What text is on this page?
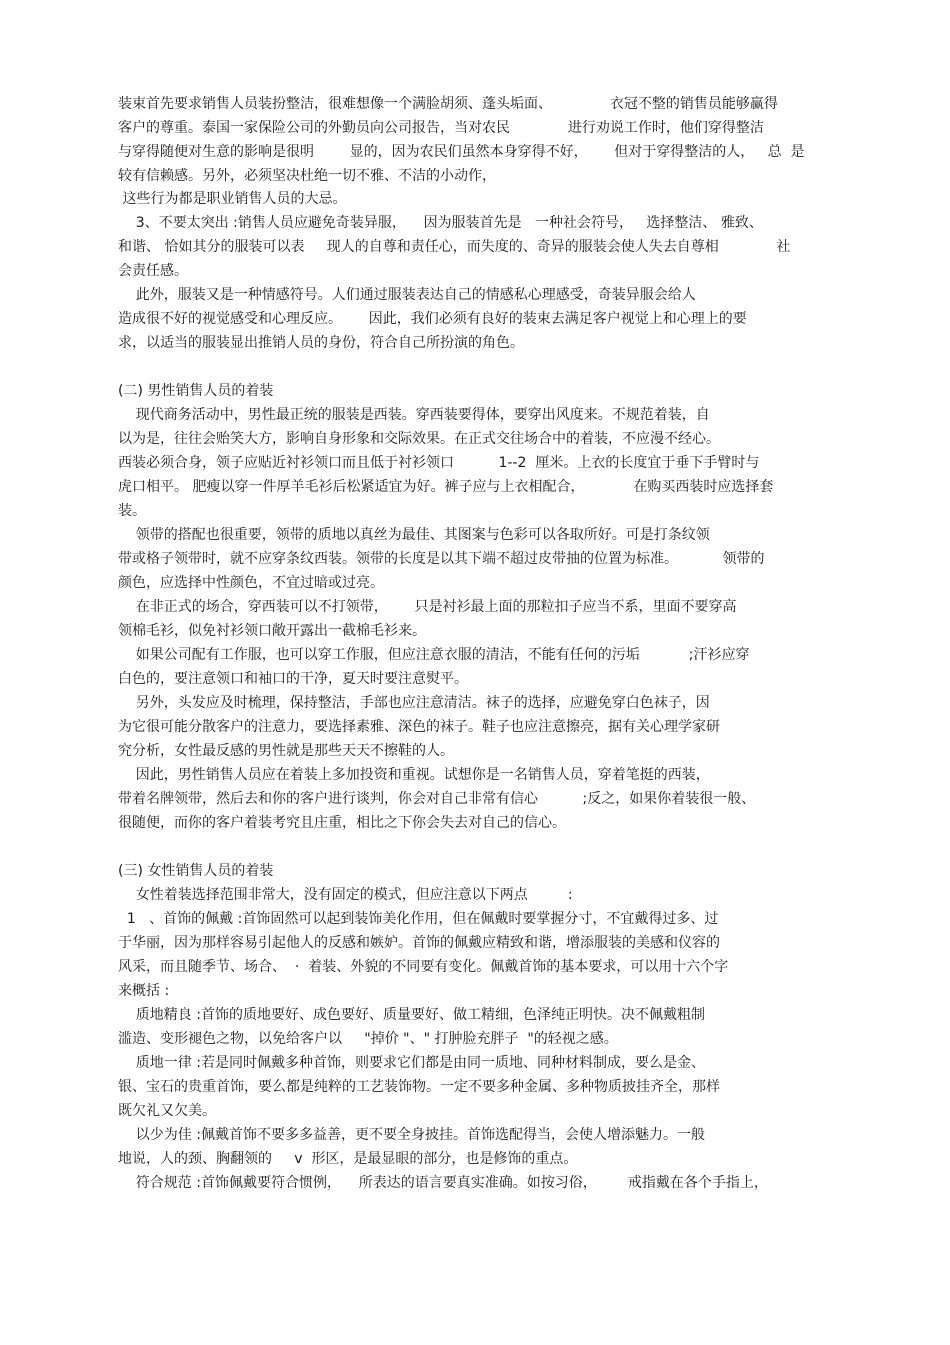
装束首先要求销售人员装扮整洁，很难想像一个满脸胡须、蓬头垢面、             衣冠不整的销售员能够赢得
客户的尊重。泰国一家保险公司的外勤员向公司报告，当对农民             进行劝说工作时，他们穿得整洁
与穿得随便对生意的影响是很明        显的，因为农民们虽然本身穿得不好，      但对于穿得整洁的人，   总  是
较有信赖感。另外，必须坚决杜绝一切不雅、不洁的小动作，
这些行为都是职业销售人员的大忌。
3、不要太突出 :销售人员应避免奇装异服，    因为服装首先是   一种社会符号，   选择整洁、 雅致、
和谐、 恰如其分的服装可以表     现人的自尊和责任心，而失度的、奇异的服装会使人失去自尊相             社
会责任感。
此外，服装又是一种情感符号。人们通过服装表达自己的情感私心理感受，奇装异服会给人
造成很不好的视觉感受和心理反应。      因此，我们必须有良好的装束去满足客户视觉上和心理上的要
求，以适当的服装显出推销人员的身份，符合自己所扮演的角色。
(二) 男性销售人员的着装
现代商务活动中，男性最正统的服装是西装。穿西装要得体，要穿出风度来。不规范着装，自
以为是，往往会贻笑大方，影响自身形象和交际效果。在正式交往场合中的着装，不应漫不经心。
西装必须合身，领子应贴近衬衫领口而且低于衬衫领口          1--2  厘米。上衣的长度宜于垂下手臂时与
虎口相平。 肥瘦以穿一件厚羊毛衫后松紧适宜为好。裤子应与上衣相配合，           在购买西装时应选择套
装。
领带的搭配也很重要，领带的质地以真丝为最佳、其图案与色彩可以各取所好。可是打条纹领
带或格子领带时，就不应穿条纹西装。领带的长度是以其下端不超过皮带抽的位置为标准。          领带的
颜色，应选择中性颜色，不宜过暗或过亮。
在非正式的场合，穿西装可以不打领带，      只是衬衫最上面的那粒扣子应当不系，里面不要穿高
领棉毛衫，似免衬衫领口敞开露出一截棉毛衫来。
如果公司配有工作服，也可以穿工作服，但应注意衣服的清洁，不能有任何的污垢           ;汗衫应穿
白色的，要注意领口和袖口的干净，夏天时要注意熨平。
另外，头发应及时梳理，保持整洁，手部也应注意清洁。袜子的选择，应避免穿白色袜子，因
为它很可能分散客户的注意力，要选择素雅、深色的袜子。鞋子也应注意擦亮，据有关心理学家研
究分析，女性最反感的男性就是那些天天不擦鞋的人。
因此，男性销售人员应在着装上多加投资和重视。试想你是一名销售人员，穿着笔挺的西装，
带着名牌领带，然后去和你的客户进行谈判，你会对自己非常有信心          ;反之，如果你着装很一般、
很随便，而你的客户着装考究且庄重，相比之下你会失去对自己的信心。
(三) 女性销售人员的着装
女性着装选择范围非常大，没有固定的模式，但应注意以下两点         :
1   、首饰的佩戴 :首饰固然可以起到装饰美化作用，但在佩戴时要掌握分寸，不宜戴得过多、过
于华丽，因为那样容易引起他人的反感和嫉妒。首饰的佩戴应精致和谐，增添服装的美感和仪容的
风采，而且随季节、场合、  ·  着装、外貌的不同要有变化。佩戴首饰的基本要求，可以用十六个字
来概括 :
质地精良 :首饰的质地要好、成色要好、质量要好、做工精细，色泽纯正明快。决不佩戴粗制
滥造、变形褪色之物，以免给客户以     "掉价 "、" 打肿脸充胖子  "的轻视之感。
质地一律 :若是同时佩戴多种首饰，则要求它们都是由同一质地、同种材料制成，要么是金、
银、宝石的贵重首饰，要么都是纯粹的工艺装饰物。一定不要多种金属、多种物质披挂齐全，那样
既欠礼又欠美。
以少为佳 :佩戴首饰不要多多益善，更不要全身披挂。首饰选配得当，会使人增添魅力。一般
地说，人的颈、胸翻领的     v  形区，是最显眼的部分，也是修饰的重点。
符合规范 :首饰佩戴要符合惯例，    所表达的语言要真实准确。如按习俗，       戒指戴在各个手指上，
